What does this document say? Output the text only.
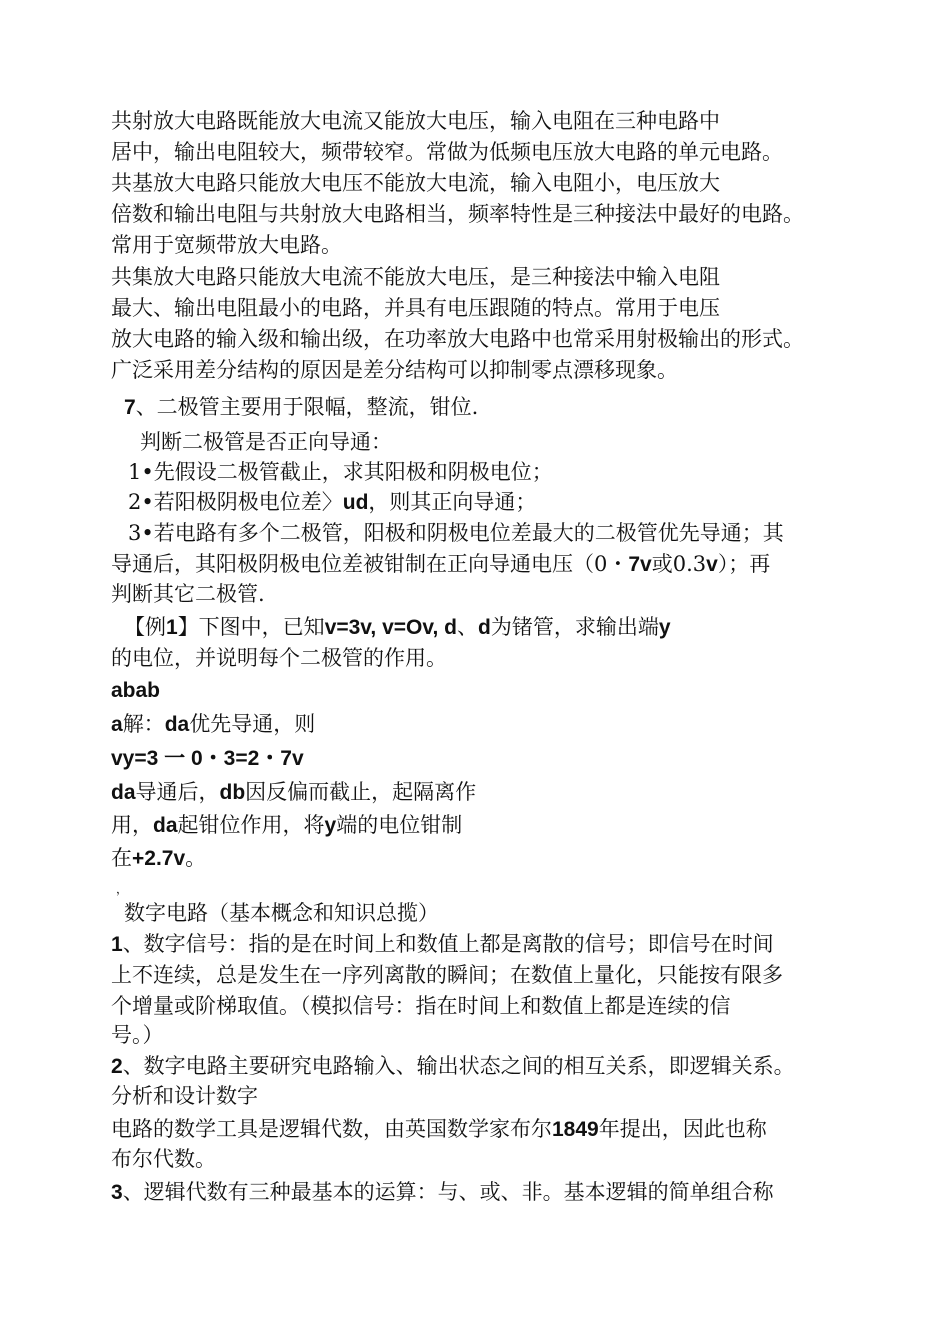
共射放大电路既能放大电流又能放大电压，输入电阻在三种电路中
居中，输出电阻较大，频带较窄。常做为低频电压放大电路的单元电路。
共基放大电路只能放大电压不能放大电流，输入电阻小，电压放大
倍数和输出电阻与共射放大电路相当，频率特性是三种接法中最好的电路。
常用于宽频带放大电路。
共集放大电路只能放大电流不能放大电压，是三种接法中输入电阻
最大、输出电阻最小的电路，并具有电压跟随的特点。常用于电压
放大电路的输入级和输出级，在功率放大电路中也常采用射极输出的形式。
广泛采用差分结构的原因是差分结构可以抑制零点漂移现象。
7、二极管主要用于限幅，整流，钳位.
判断二极管是否正向导通：
1•先假设二极管截止，求其阳极和阴极电位；
2•若阳极阴极电位差〉ud，则其正向导通；
3•若电路有多个二极管，阳极和阴极电位差最大的二极管优先导通；其
导通后，其阳极阴极电位差被钳制在正向导通电压（0・7v或0.3v）；再
判断其它二极管.
【例1】下图中，已知v=3v, v=Ov, d、d为锗管，求输出端y
的电位，并说明每个二极管的作用。
abab
a解：da优先导通，则
vy=3 一 0・3=2・7v
da导通后，db因反偏而截止，起隔离作
用，da起钳位作用，将y端的电位钳制
在+2.7v。
，
数字电路（基本概念和知识总揽）
1、数字信号：指的是在时间上和数值上都是离散的信号；即信号在时间
上不连续，总是发生在一序列离散的瞬间；在数值上量化，只能按有限多
个增量或阶梯取值。（模拟信号：指在时间上和数值上都是连续的信
号。）
2、数字电路主要研究电路输入、输出状态之间的相互关系，即逻辑关系。
分析和设计数字
电路的数学工具是逻辑代数，由英国数学家布尔1849年提出，因此也称
布尔代数。
3、逻辑代数有三种最基本的运算：与、或、非。基本逻辑的简单组合称
